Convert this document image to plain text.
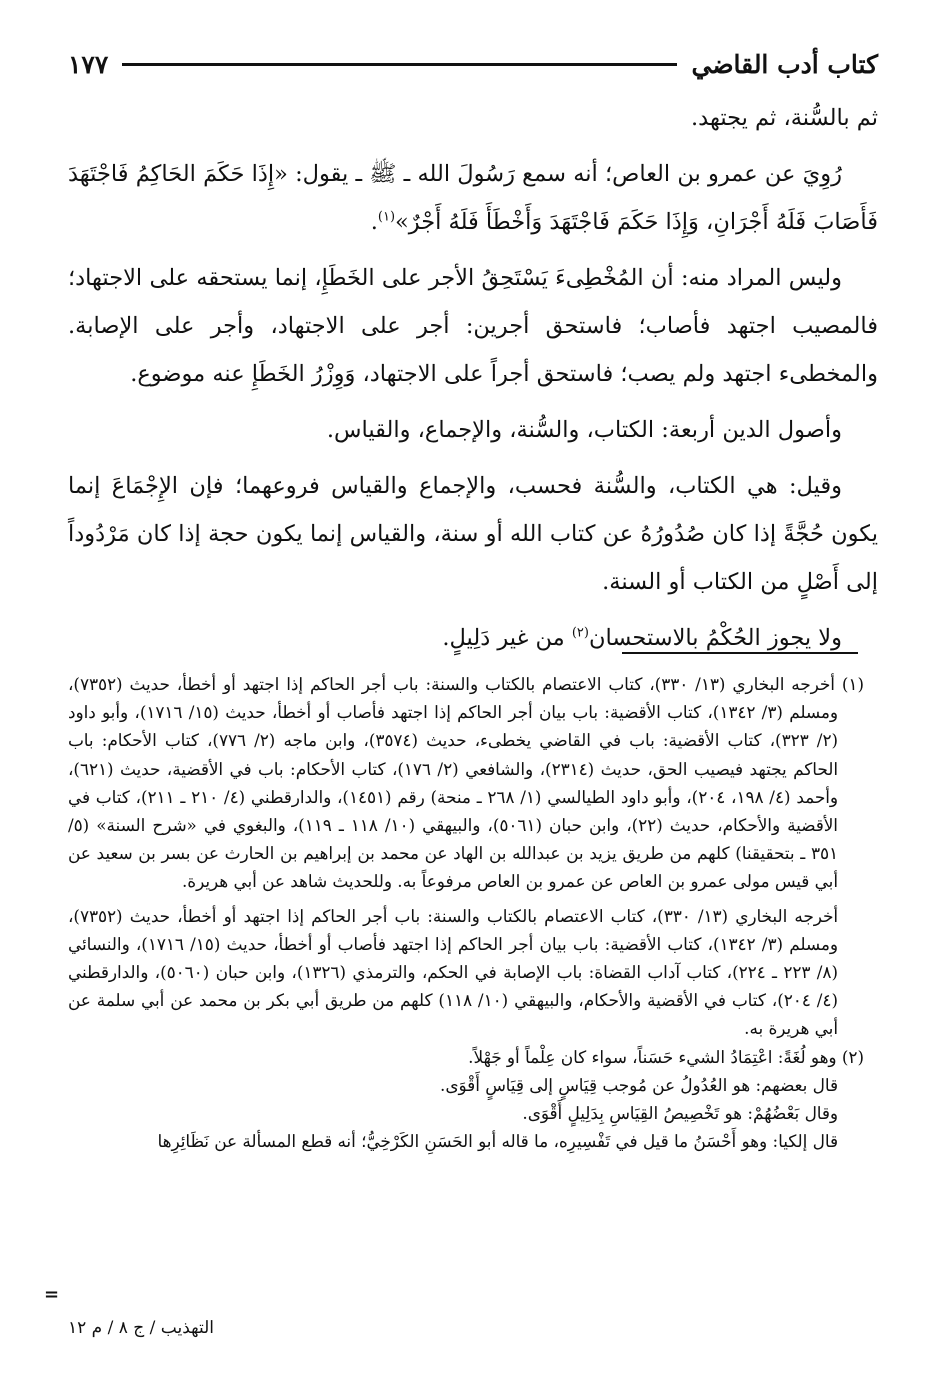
كتاب أدب القاضي
١٧٧

ثم بالسُّنة، ثم يجتهد.

رُوِيَ عن عمرو بن العاص؛ أنه سمع رَسُولَ الله ـ ﷺ ـ يقول: «إِذَا حَكَمَ الحَاكِمُ فَاجْتَهَدَ فَأَصَابَ فَلَهُ أَجْرَانِ، وَإِذَا حَكَمَ فَاجْتَهَدَ وَأَخْطَأَ فَلَهُ أَجْرٌ»$^{(١)}$.

وليس المراد منه: أن المُخْطِىءَ يَسْتَحِقُ الأجر على الخَطَإِ، إنما يستحقه على الاجتهاد؛ فالمصيب اجتهد فأصاب؛ فاستحق أجرين: أجر على الاجتهاد، وأجر على الإصابة. والمخطىء اجتهد ولم يصب؛ فاستحق أجراً على الاجتهاد، وَوِزْرُ الخَطَإِ عنه موضوع.

وأصول الدين أربعة: الكتاب، والسُّنة، والإجماع، والقياس.

وقيل: هي الكتاب، والسُّنة فحسب، والإجماع والقياس فروعهما؛ فإن الإِجْمَاعَ إنما يكون حُجَّةً إذا كان صُدُورُهُ عن كتاب الله أو سنة، والقياس إنما يكون حجة إذا كان مَرْدُوداً إلى أَصْلٍ من الكتاب أو السنة.

ولا يجوز الحُكْمُ بالاستحسان$^{(٢)}$ من غير دَلِيلٍ.

(١) أخرجه البخاري (١٣/ ٣٣٠)، كتاب الاعتصام بالكتاب والسنة: باب أجر الحاكم إذا اجتهد أو أخطأ، حديث (٧٣٥٢)، ومسلم (٣/ ١٣٤٢)، كتاب الأقضية: باب بيان أجر الحاكم إذا اجتهد فأصاب أو أخطأ، حديث (١٥/ ١٧١٦)، وأبو داود (٢/ ٣٢٣)، كتاب الأقضية: باب في القاضي يخطىء، حديث (٣٥٧٤)، وابن ماجه (٢/ ٧٧٦)، كتاب الأحكام: باب الحاكم يجتهد فيصيب الحق، حديث (٢٣١٤)، والشافعي (٢/ ١٧٦)، كتاب الأحكام: باب في الأقضية، حديث (٦٢١)، وأحمد (٤/ ١٩٨، ٢٠٤)، وأبو داود الطيالسي (١/ ٢٦٨ ـ منحة) رقم (١٤٥١)، والدارقطني (٤/ ٢١٠ ـ ٢١١)، كتاب في الأقضية والأحكام، حديث (٢٢)، وابن حبان (٥٠٦١)، والبيهقي (١٠/ ١١٨ ـ ١١٩)، والبغوي في «شرح السنة» (٥/ ٣٥١ ـ بتحقيقنا) كلهم من طريق يزيد بن عبدالله بن الهاد عن محمد بن إبراهيم بن الحارث عن بسر بن سعيد عن أبي قيس مولى عمرو بن العاص عن عمرو بن العاص مرفوعاً به. وللحديث شاهد عن أبي هريرة.

أخرجه البخاري (١٣/ ٣٣٠)، كتاب الاعتصام بالكتاب والسنة: باب أجر الحاكم إذا اجتهد أو أخطأ، حديث (٧٣٥٢)، ومسلم (٣/ ١٣٤٢)، كتاب الأقضية: باب بيان أجر الحاكم إذا اجتهد فأصاب أو أخطأ، حديث (١٥/ ١٧١٦)، والنسائي (٨/ ٢٢٣ ـ ٢٢٤)، كتاب آداب القضاة: باب الإصابة في الحكم، والترمذي (١٣٢٦)، وابن حبان (٥٠٦٠)، والدارقطني (٤/ ٢٠٤)، كتاب في الأقضية والأحكام، والبيهقي (١٠/ ١١٨) كلهم من طريق أبي بكر بن محمد عن أبي سلمة عن أبي هريرة به.

(٢) وهو لُغَةً: اعْتِمَادُ الشيء حَسَناً، سواء كان عِلْماً أو جَهْلاً.

قال بعضهم: هو العُدُولُ عن مُوجب قِيَاسٍ إلى قِيَاسٍ أَقْوَى.

وقال بَعْضُهُمْ: هو تَخْصِيصُ القِيَاسِ بِدَلِيلٍ أَقْوَى.

قال إلكيا: وهو أَحْسَنُ ما قيل في تَفْسِيرِه، ما قاله أبو الحَسَنِ الكَرْخِيُّ؛ أنه قطع المسألة عن نَظَائِرِها

=
التهذيب / ج ٨ / م ١٢
